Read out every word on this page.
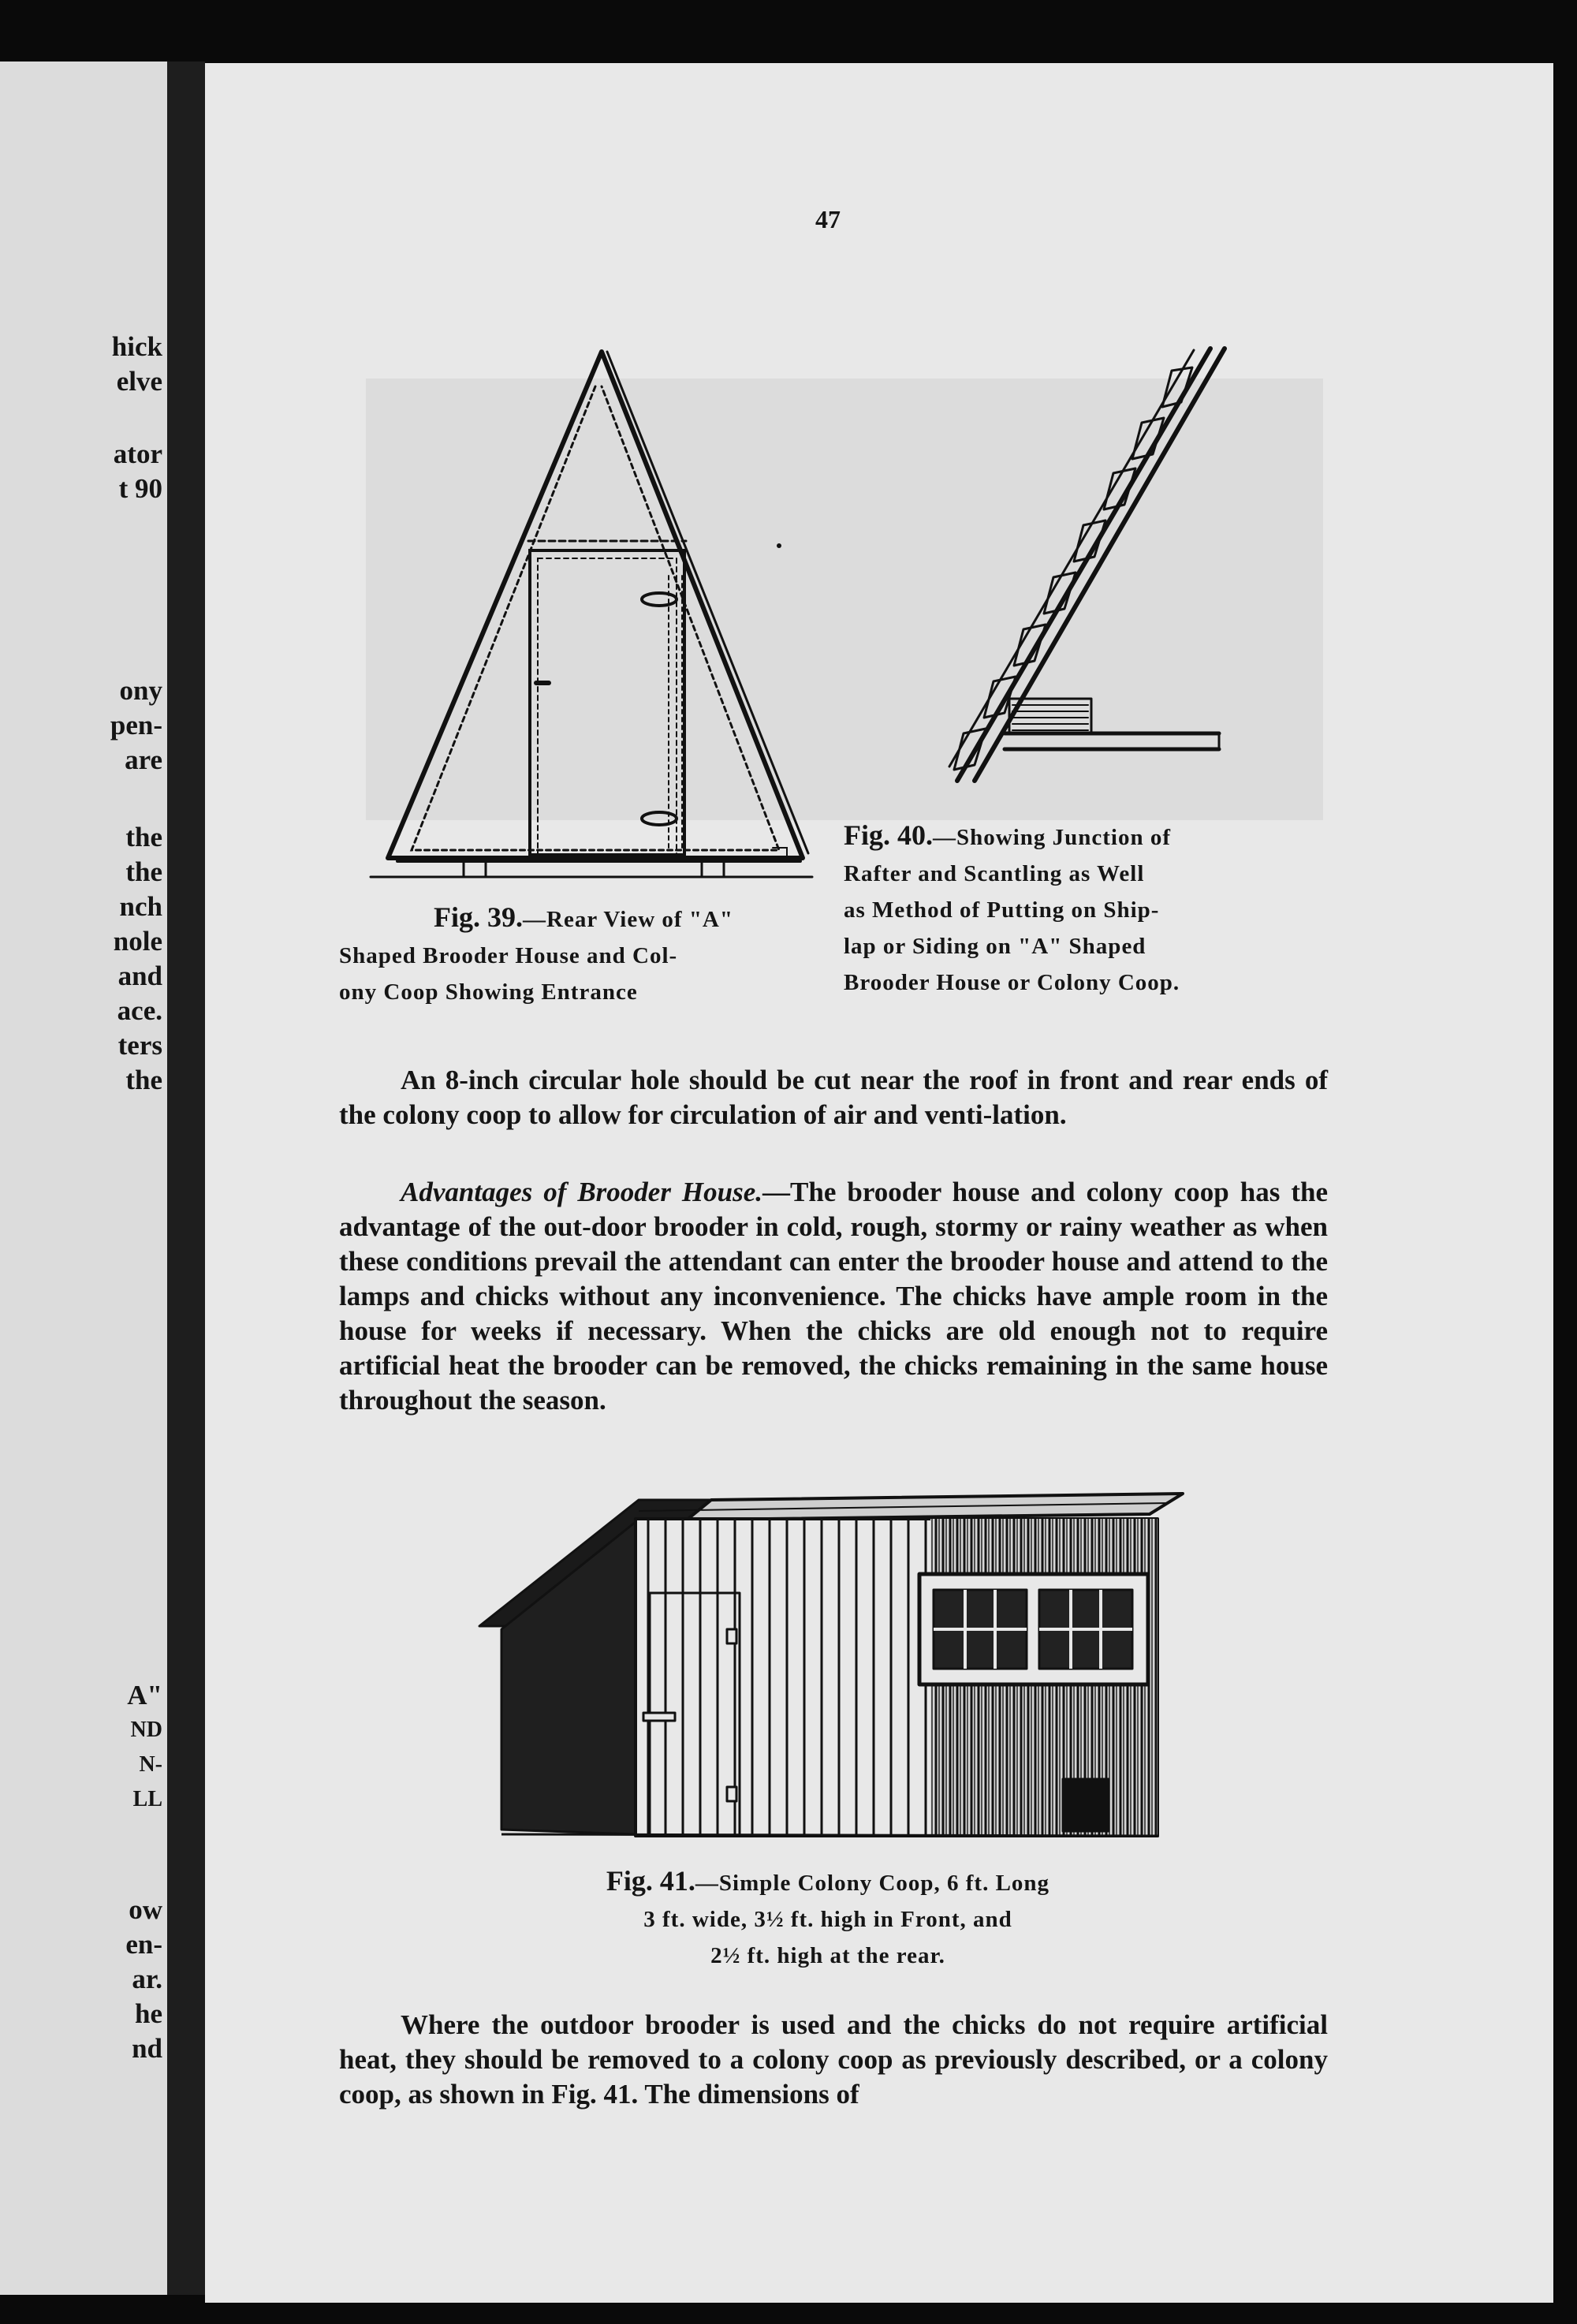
hick
elve
ator
t 90
ony
pen-
are
the
the
nch
nole
and
ace.
ters
the
A"
ND
N-
LL
ow
en-
ar.
he
nd
47
Fig. 39.—Rear View of "A"
Shaped Brooder House and Col-
ony Coop Showing Entrance
Fig. 40.—Showing Junction of
Rafter and Scantling as Well
as Method of Putting on Ship-
lap or Siding on "A" Shaped
Brooder House or Colony Coop.

An 8-inch circular hole should be cut near the roof in front and rear ends of the colony coop to allow for circulation of air and venti-lation.

Advantages of Brooder House.—The brooder house and colony coop has the advantage of the out-door brooder in cold, rough, stormy or rainy weather as when these conditions prevail the attendant can enter the brooder house and attend to the lamps and chicks without any inconvenience. The chicks have ample room in the house for weeks if necessary. When the chicks are old enough not to require artificial heat the brooder can be removed, the chicks remaining in the same house throughout the season.

Fig. 41.—Simple Colony Coop, 6 ft. Long
3 ft. wide, 3½ ft. high in Front, and
2½ ft. high at the rear.

Where the outdoor brooder is used and the chicks do not require artificial heat, they should be removed to a colony coop as previously described, or a colony coop, as shown in Fig. 41. The dimensions of
